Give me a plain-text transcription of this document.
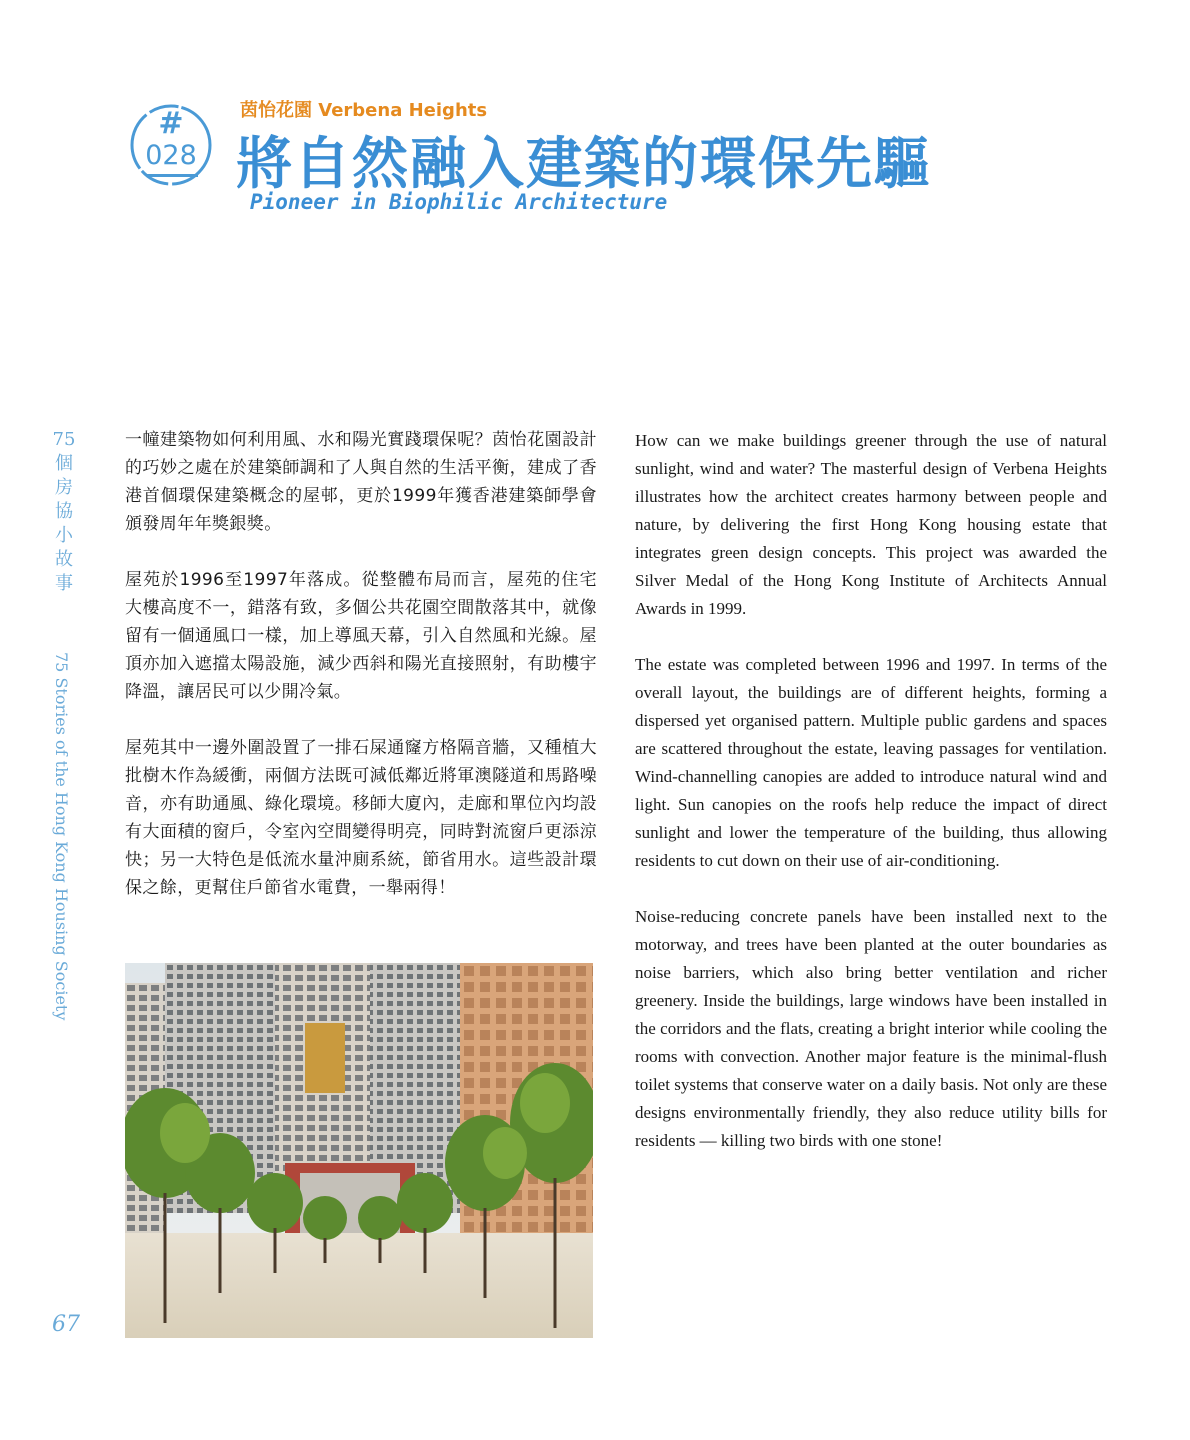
#
028
茵怡花園 Verbena Heights
將自然融入建築的環保先驅
Pioneer in Biophilic Architecture
75
個
房
協
小
故
事
75 Stories of the Hong Kong Housing Society
67

一幢建築物如何利用風、水和陽光實踐環保呢？茵怡花園設計的巧妙之處在於建築師調和了人與自然的生活平衡，建成了香港首個環保建築概念的屋邨，更於1999年獲香港建築師學會頒發周年年獎銀獎。

屋苑於1996至1997年落成。從整體布局而言，屋苑的住宅大樓高度不一，錯落有致，多個公共花園空間散落其中，就像留有一個通風口一樣，加上導風天幕，引入自然風和光線。屋頂亦加入遮擋太陽設施，減少西斜和陽光直接照射，有助樓宇降溫，讓居民可以少開冷氣。

屋苑其中一邊外圍設置了一排石屎通窿方格隔音牆，又種植大批樹木作為緩衝，兩個方法既可減低鄰近將軍澳隧道和馬路噪音，亦有助通風、綠化環境。移師大廈內，走廊和單位內均設有大面積的窗戶，令室內空間變得明亮，同時對流窗戶更添涼快；另一大特色是低流水量沖廁系統，節省用水。這些設計環保之餘，更幫住戶節省水電費，一舉兩得！

How can we make buildings greener through the use of natural sunlight, wind and water? The masterful design of Verbena Heights illustrates how the architect creates harmony between people and nature, by delivering the first Hong Kong housing estate that integrates green design concepts. This project was awarded the Silver Medal of the Hong Kong Institute of Architects Annual Awards in 1999.

The estate was completed between 1996 and 1997. In terms of the overall layout, the buildings are of different heights, forming a dispersed yet organised pattern. Multiple public gardens and spaces are scattered throughout the estate, leaving passages for ventilation. Wind-channelling canopies are added to introduce natural wind and light. Sun canopies on the roofs help reduce the impact of direct sunlight and lower the temperature of the building, thus allowing residents to cut down on their use of air-conditioning.

Noise-reducing concrete panels have been installed next to the motorway, and trees have been planted at the outer boundaries as noise barriers, which also bring better ventilation and richer greenery. Inside the buildings, large windows have been installed in the corridors and the flats, creating a bright interior while cooling the rooms with convection. Another major feature is the minimal-flush toilet systems that conserve water on a daily basis. Not only are these designs environmentally friendly, they also reduce utility bills for residents — killing two birds with one stone!
